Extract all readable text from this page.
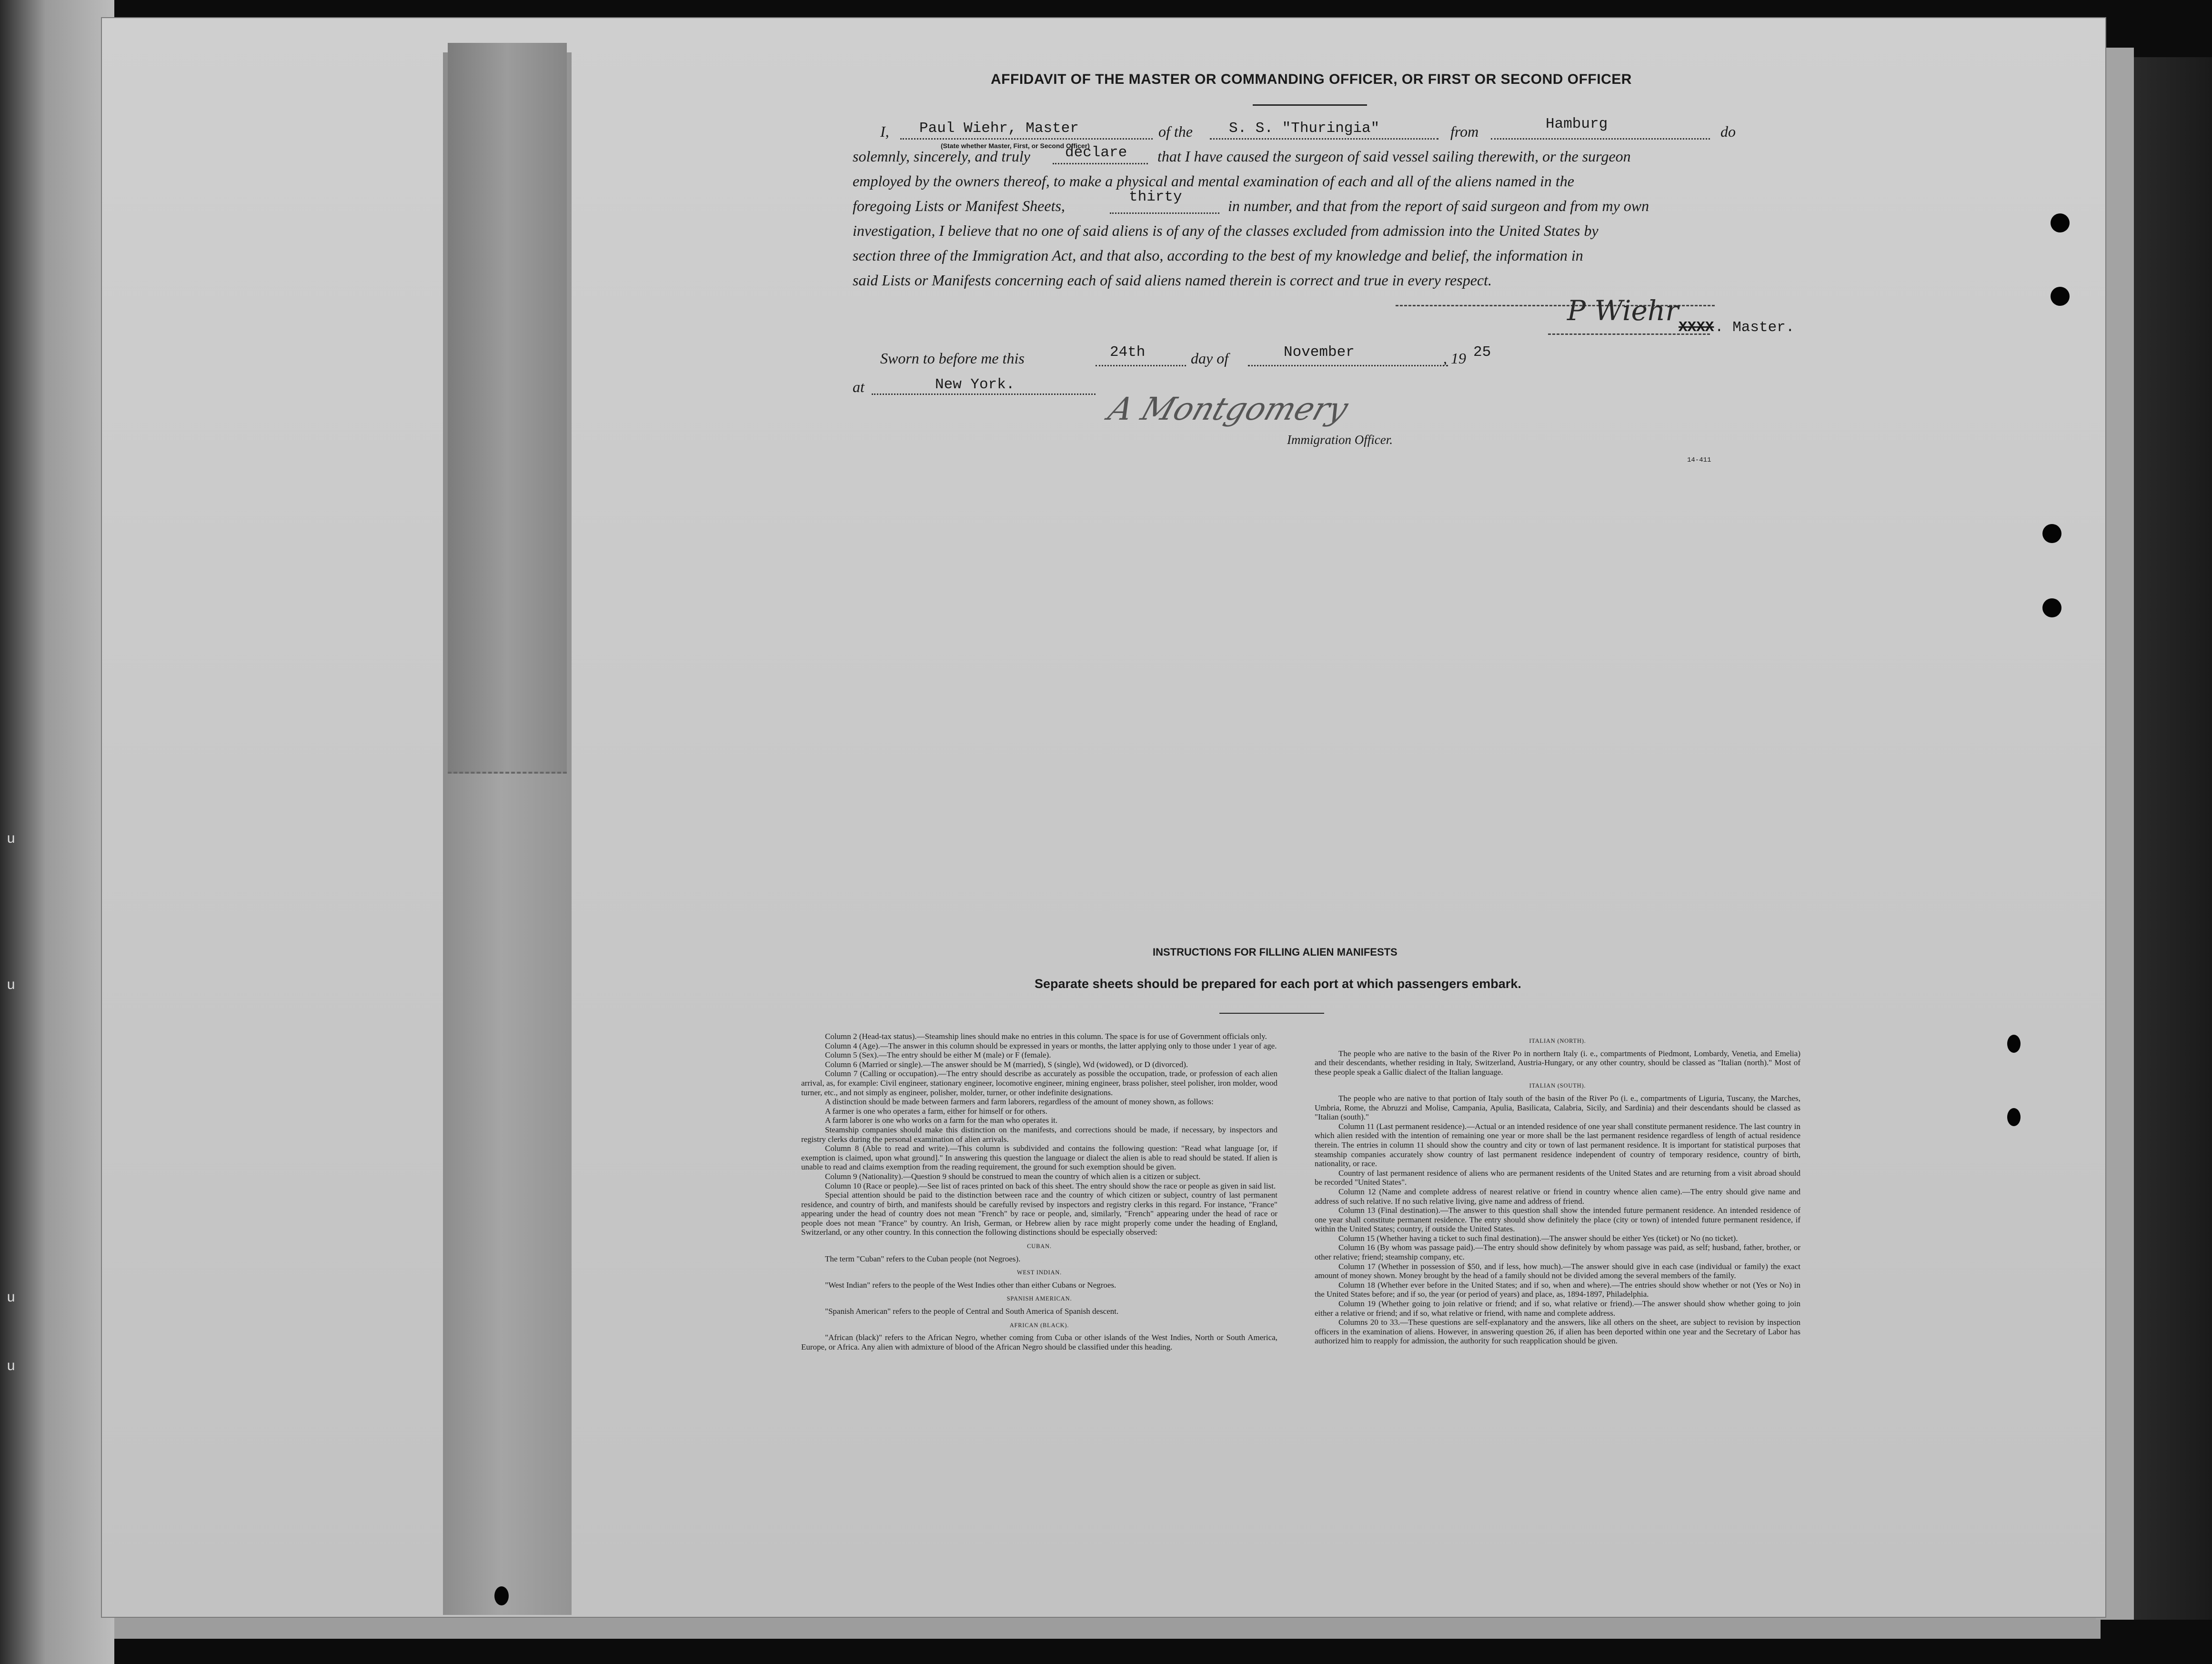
u
u
u
u
AFFIDAVIT OF THE MASTER OR COMMANDING OFFICER, OR FIRST OR SECOND OFFICER
I, Paul Wiehr, Master
(State whether Master, First, or Second Officer)
of the S. S. "Thuringia"	from	Hamburg	do
solemnly, sincerely, and truly declare that I have caused the surgeon of said vessel sailing therewith, or the surgeon
employed by the owners thereof, to make a physical and mental examination of each and all of the aliens named in the
foregoing Lists or Manifest Sheets,
thirty
in number, and that from the report of said surgeon and from my own
investigation, I believe that no one of said aliens is of any of the classes excluded from admission into the United States by
section three of the Immigration Act, and that also, according to the best of my knowledge and belief, the information in
said Lists or Manifests concerning each of said aliens named therein is correct and true in every respect.
P Wiehr
XXXX . Master.
Sworn to before me this	24th	day of	November	, 19 25
at	New York.
A Montgomery
Immigration Officer.
14-411
INSTRUCTIONS FOR FILLING ALIEN MANIFESTS
Separate sheets should be prepared for each port at which passengers embark.

Column 2 (Head-tax status).—Steamship lines should make no entries in this column. The space is for use of Government officials only.

Column 4 (Age).—The answer in this column should be expressed in years or months, the latter applying only to those under 1 year of age.

Column 5 (Sex).—The entry should be either M (male) or F (female).

Column 6 (Married or single).—The answer should be M (married), S (single), Wd (widowed), or D (divorced).

Column 7 (Calling or occupation).—The entry should describe as accurately as possible the occupation, trade, or profession of each alien arrival, as, for example: Civil engineer, stationary engineer, locomotive engineer, mining engineer, brass polisher, steel polisher, iron molder, wood turner, etc., and not simply as engineer, polisher, molder, turner, or other indefinite designations.

A distinction should be made between farmers and farm laborers, regardless of the amount of money shown, as follows:

A farmer is one who operates a farm, either for himself or for others.

A farm laborer is one who works on a farm for the man who operates it.

Steamship companies should make this distinction on the manifests, and corrections should be made, if necessary, by inspectors and registry clerks during the personal examination of alien arrivals.

Column 8 (Able to read and write).—This column is subdivided and contains the following question: "Read what language [or, if exemption is claimed, upon what ground]." In answering this question the language or dialect the alien is able to read should be stated. If alien is unable to read and claims exemption from the reading requirement, the ground for such exemption should be given.

Column 9 (Nationality).—Question 9 should be construed to mean the country of which alien is a citizen or subject.

Column 10 (Race or people).—See list of races printed on back of this sheet. The entry should show the race or people as given in said list.

Special attention should be paid to the distinction between race and the country of which citizen or subject, country of last permanent residence, and country of birth, and manifests should be carefully revised by inspectors and registry clerks in this regard. For instance, "France" appearing under the head of country does not mean "French" by race or people, and, similarly, "French" appearing under the head of race or people does not mean "France" by country. An Irish, German, or Hebrew alien by race might properly come under the heading of England, Switzerland, or any other country. In this connection the following distinctions should be especially observed:

CUBAN.

The term "Cuban" refers to the Cuban people (not Negroes).

WEST INDIAN.

"West Indian" refers to the people of the West Indies other than either Cubans or Negroes.

SPANISH AMERICAN.

"Spanish American" refers to the people of Central and South America of Spanish descent.

AFRICAN (BLACK).

"African (black)" refers to the African Negro, whether coming from Cuba or other islands of the West Indies, North or South America, Europe, or Africa. Any alien with admixture of blood of the African Negro should be classified under this heading.

ITALIAN (NORTH).

The people who are native to the basin of the River Po in northern Italy (i. e., compartments of Piedmont, Lombardy, Venetia, and Emelia) and their descendants, whether residing in Italy, Switzerland, Austria-Hungary, or any other country, should be classed as "Italian (north)." Most of these people speak a Gallic dialect of the Italian language.

ITALIAN (SOUTH).

The people who are native to that portion of Italy south of the basin of the River Po (i. e., compartments of Liguria, Tuscany, the Marches, Umbria, Rome, the Abruzzi and Molise, Campania, Apulia, Basilicata, Calabria, Sicily, and Sardinia) and their descendants should be classed as "Italian (south)."

Column 11 (Last permanent residence).—Actual or an intended residence of one year shall constitute permanent residence. The last country in which alien resided with the intention of remaining one year or more shall be the last permanent residence regardless of length of actual residence therein. The entries in column 11 should show the country and city or town of last permanent residence. It is important for statistical purposes that steamship companies accurately show country of last permanent residence independent of country of temporary residence, country of birth, nationality, or race.

Country of last permanent residence of aliens who are permanent residents of the United States and are returning from a visit abroad should be recorded "United States".

Column 12 (Name and complete address of nearest relative or friend in country whence alien came).—The entry should give name and address of such relative. If no such relative living, give name and address of friend.

Column 13 (Final destination).—The answer to this question shall show the intended future permanent residence. An intended residence of one year shall constitute permanent residence. The entry should show definitely the place (city or town) of intended future permanent residence, if within the United States; country, if outside the United States.

Column 15 (Whether having a ticket to such final destination).—The answer should be either Yes (ticket) or No (no ticket).

Column 16 (By whom was passage paid).—The entry should show definitely by whom passage was paid, as self; husband, father, brother, or other relative; friend; steamship company, etc.

Column 17 (Whether in possession of $50, and if less, how much).—The answer should give in each case (individual or family) the exact amount of money shown. Money brought by the head of a family should not be divided among the several members of the family.

Column 18 (Whether ever before in the United States; and if so, when and where).—The entries should show whether or not (Yes or No) in the United States before; and if so, the year (or period of years) and place, as, 1894-1897, Philadelphia.

Column 19 (Whether going to join relative or friend; and if so, what relative or friend).—The answer should show whether going to join either a relative or friend; and if so, what relative or friend, with name and complete address.

Columns 20 to 33.—These questions are self-explanatory and the answers, like all others on the sheet, are subject to revision by inspection officers in the examination of aliens. However, in answering question 26, if alien has been deported within one year and the Secretary of Labor has authorized him to reapply for admission, the authority for such reapplication should be given.
